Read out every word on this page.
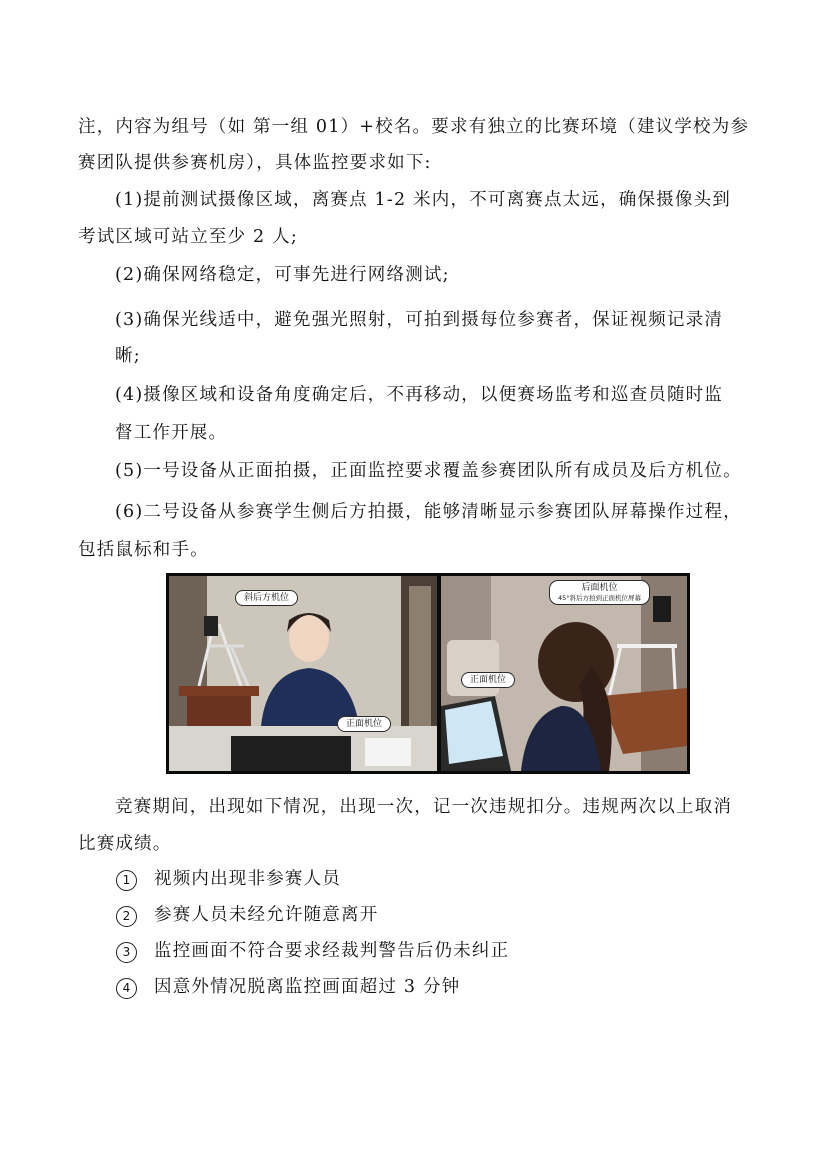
注，内容为组号（如 第一组 01）+校名。要求有独立的比赛环境（建议学校为参
赛团队提供参赛机房），具体监控要求如下:
(1)提前测试摄像区域，离赛点 1-2 米内，不可离赛点太远，确保摄像头到
考试区域可站立至少 2 人;
(2)确保网络稳定，可事先进行网络测试;
(3)确保光线适中，避免强光照射，可拍到摄每位参赛者，保证视频记录清
晰;
(4)摄像区域和设备角度确定后，不再移动，以便赛场监考和巡查员随时监
督工作开展。
(5)一号设备从正面拍摄，正面监控要求覆盖参赛团队所有成员及后方机位。
(6)二号设备从参赛学生侧后方拍摄，能够清晰显示参赛团队屏幕操作过程，
包括鼠标和手。
斜后方机位
正面机位
后面机位
45°斜后方拍到正面机位屏幕
正面机位
竞赛期间，出现如下情况，出现一次，记一次违规扣分。违规两次以上取消
比赛成绩。
1	视频内出现非参赛人员
2	参赛人员未经允许随意离开
3	监控画面不符合要求经裁判警告后仍未纠正
4	因意外情况脱离监控画面超过 3 分钟
